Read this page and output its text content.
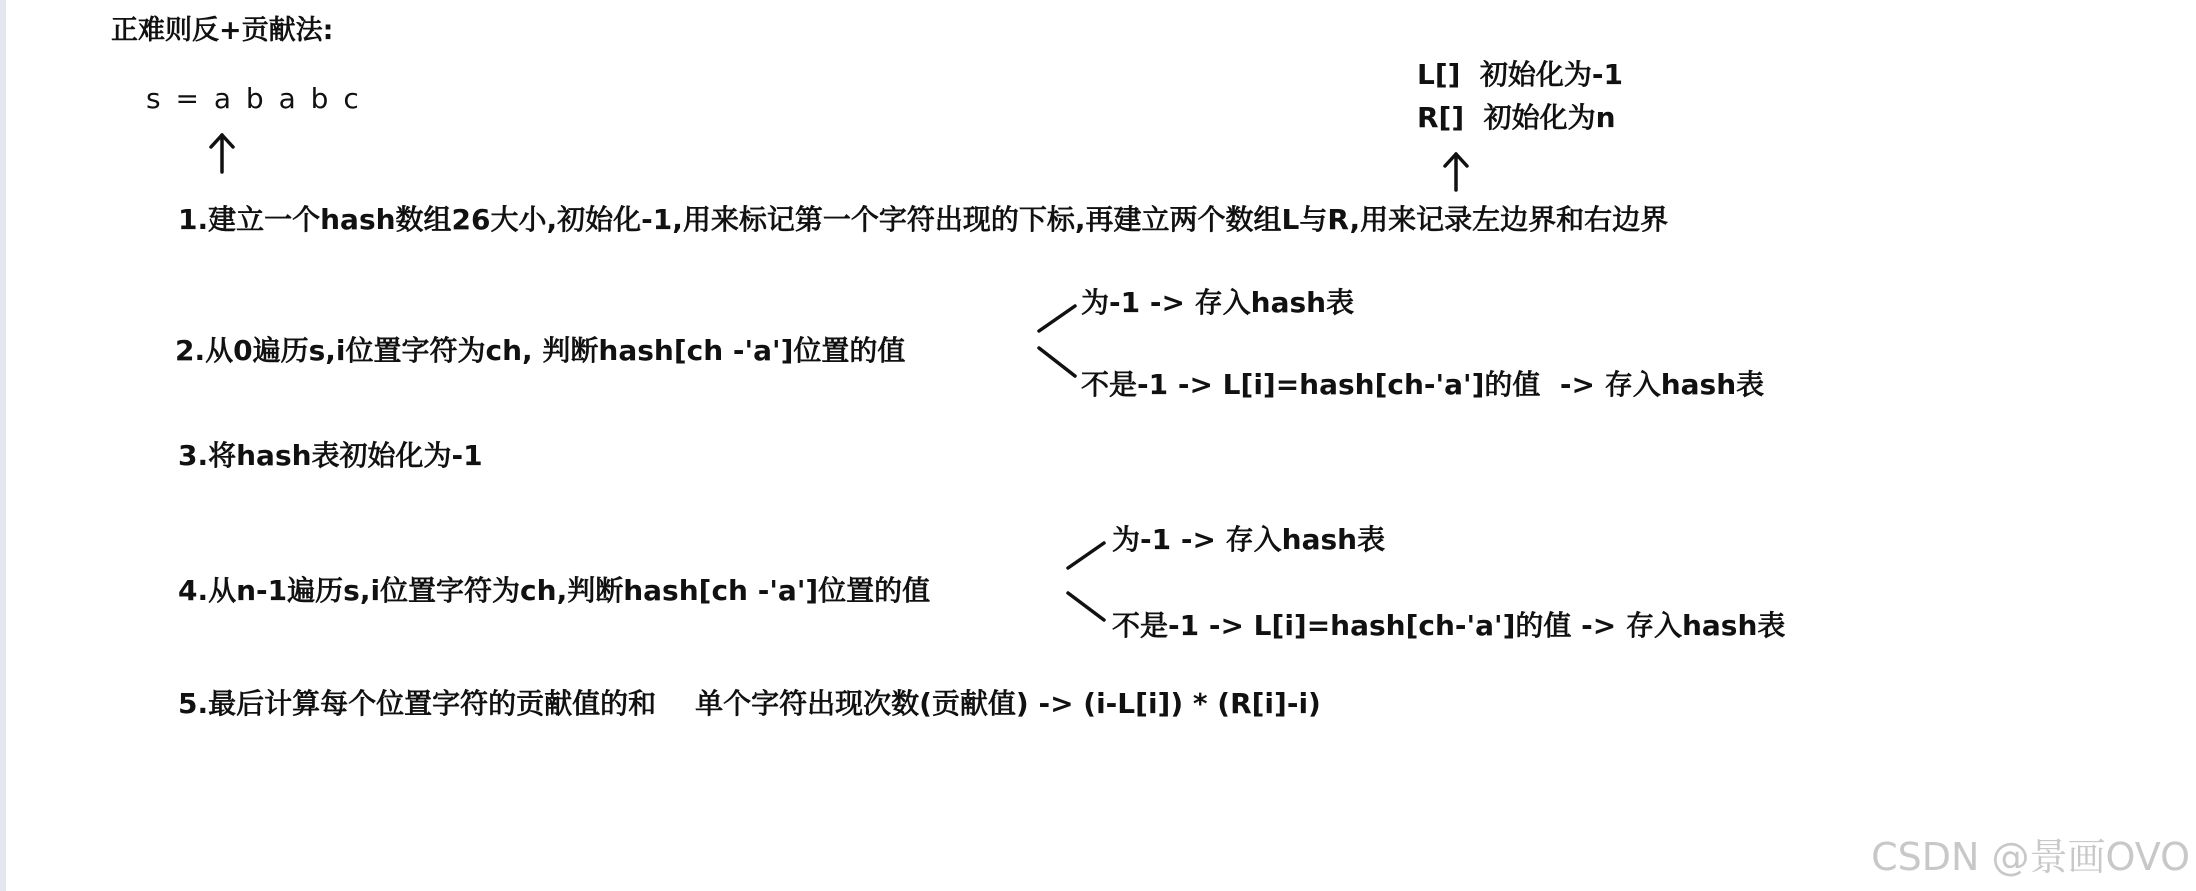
正难则反+贡献法:
s = a b a b c
L[]  初始化为-1
R[]  初始化为n
1.建立一个hash数组26大小,初始化-1,用来标记第一个字符出现的下标,再建立两个数组L与R,用来记录左边界和右边界
2.从0遍历s,i位置字符为ch, 判断hash[ch -'a']位置的值
为-1 -> 存入hash表
不是-1 -> L[i]=hash[ch-'a']的值  -> 存入hash表
3.将hash表初始化为-1
4.从n-1遍历s,i位置字符为ch,判断hash[ch -'a']位置的值
为-1 -> 存入hash表
不是-1 -> L[i]=hash[ch-'a']的值 -> 存入hash表
5.最后计算每个位置字符的贡献值的和    单个字符出现次数(贡献值) -> (i-L[i]) * (R[i]-i)
CSDN @景画OVO
